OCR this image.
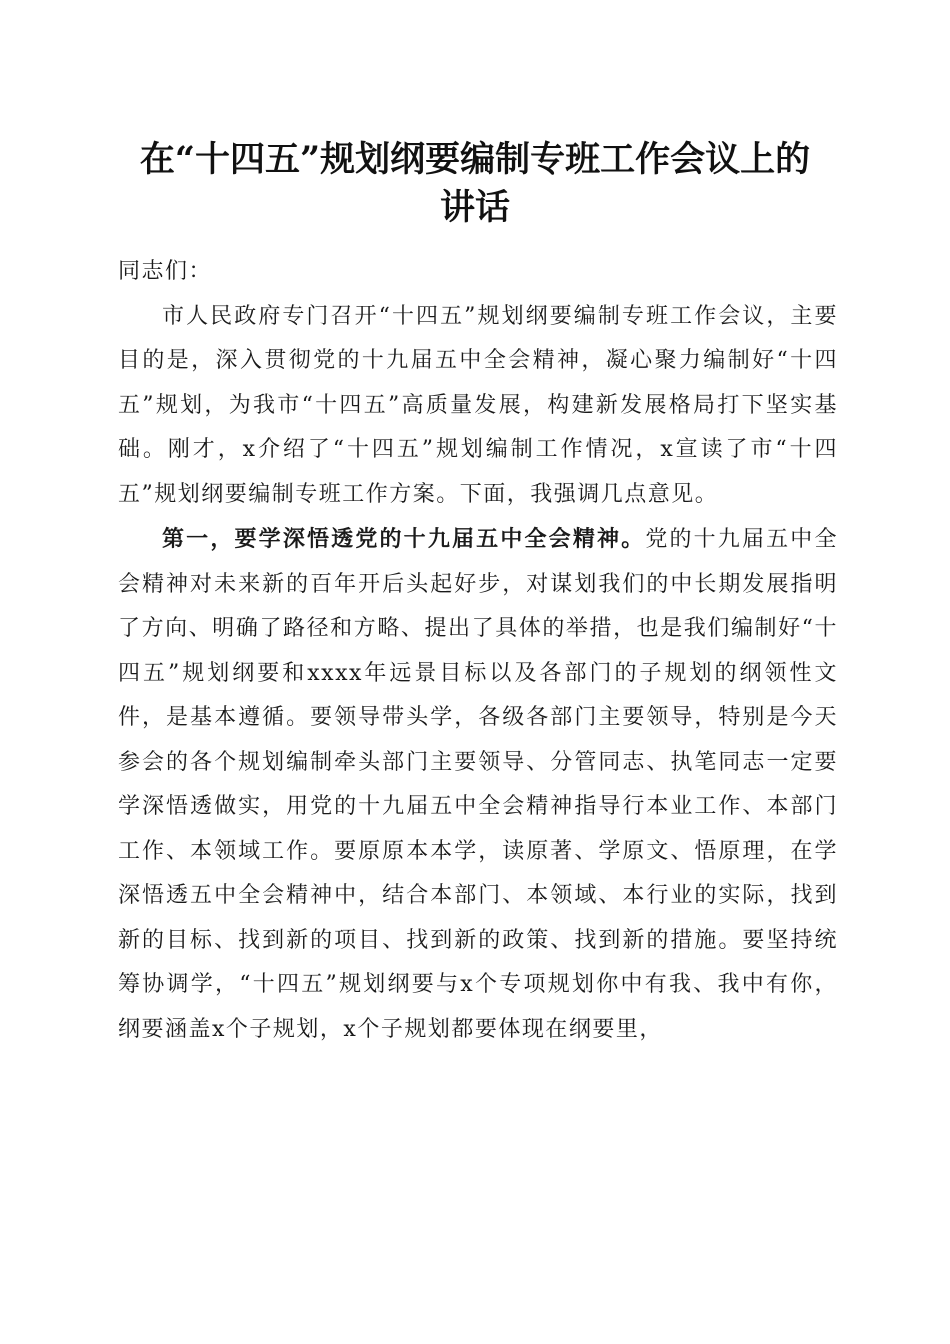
在“十四五”规划纲要编制专班工作会议上的
讲话

同志们：

市人民政府专门召开“十四五”规划纲要编制专班工作会议，主要目的是，深入贯彻党的十九届五中全会精神，凝心聚力编制好“十四五”规划，为我市“十四五”高质量发展，构建新发展格局打下坚实基础。刚才，x介绍了“十四五”规划编制工作情况，x宣读了市“十四五”规划纲要编制专班工作方案。下面，我强调几点意见。

第一，要学深悟透党的十九届五中全会精神。党的十九届五中全会精神对未来新的百年开后头起好步，对谋划我们的中长期发展指明了方向、明确了路径和方略、提出了具体的举措，也是我们编制好“十四五”规划纲要和xxxx年远景目标以及各部门的子规划的纲领性文件，是基本遵循。要领导带头学，各级各部门主要领导，特别是今天参会的各个规划编制牵头部门主要领导、分管同志、执笔同志一定要学深悟透做实，用党的十九届五中全会精神指导行本业工作、本部门工作、本领域工作。要原原本本学，读原著、学原文、悟原理，在学深悟透五中全会精神中，结合本部门、本领域、本行业的实际，找到新的目标、找到新的项目、找到新的政策、找到新的措施。要坚持统筹协调学，“十四五”规划纲要与x个专项规划你中有我、我中有你，纲要涵盖x个子规划，x个子规划都要体现在纲要里，
